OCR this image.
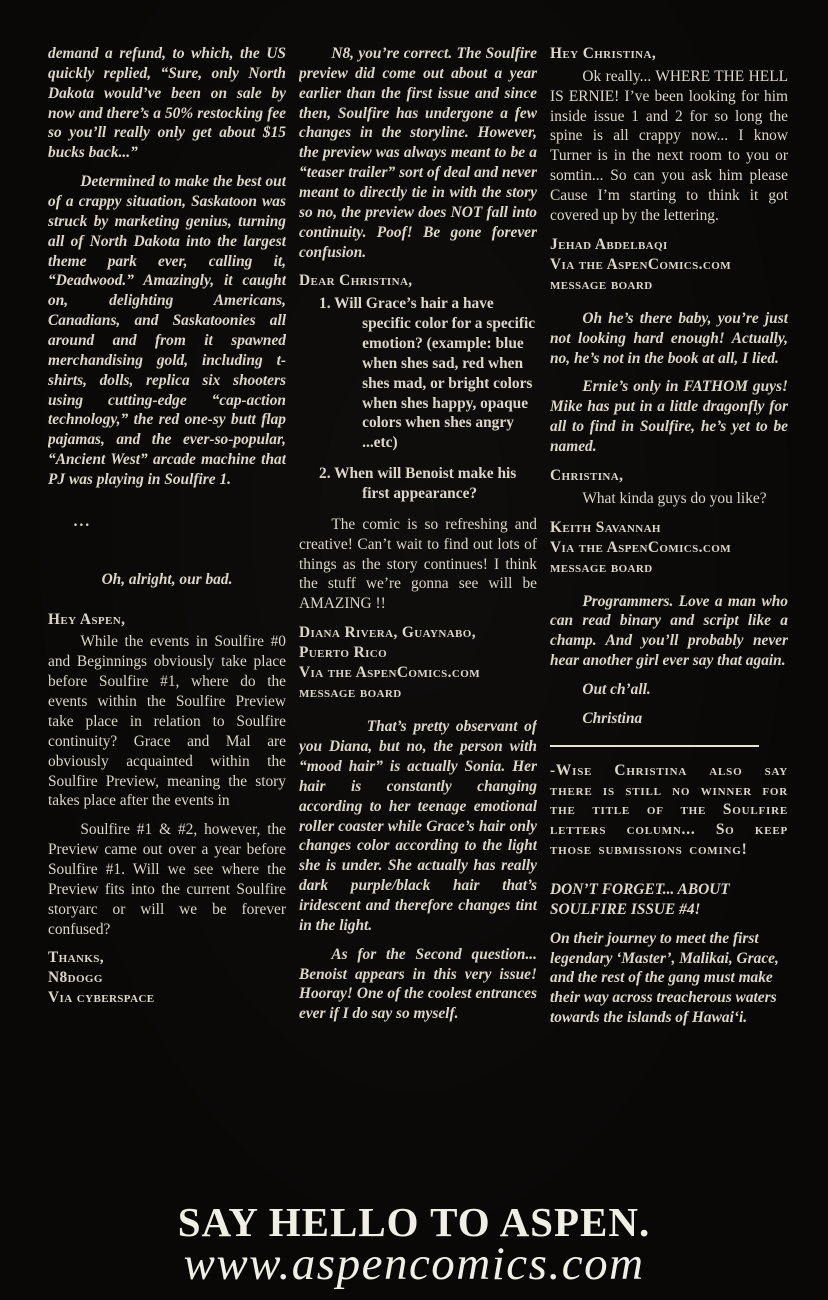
demand a refund, to which, the US quickly replied, “Sure, only North Dakota would’ve been on sale by now and there’s a 50% restocking fee so you’ll really only get about $15 bucks back...”

Determined to make the best out of a crappy situation, Saskatoon was struck by marketing genius, turning all of North Dakota into the largest theme park ever, calling it, “Deadwood.” Amazingly, it caught on, delighting Americans, Canadians, and Saskatoonies all around and from it spawned merchandising gold, including t-shirts, dolls, replica six shooters using cutting-edge “cap-action technology,” the red one-sy butt flap pajamas, and the ever-so-popular, “Ancient West” arcade machine that PJ was playing in Soulfire 1.

...

Oh, alright, our bad.

Hey Aspen,

While the events in Soulfire #0 and Beginnings obviously take place before Soulfire #1, where do the events within the Soulfire Preview take place in relation to Soulfire continuity? Grace and Mal are obviously acquainted within the Soulfire Preview, meaning the story takes place after the events in

Soulfire #1 & #2, however, the Preview came out over a year before Soulfire #1. Will we see where the Preview fits into the current Soulfire storyarc or will we be forever confused?

Thanks,
N8dogg
Via cyberspace

N8, you’re correct. The Soulfire preview did come out about a year earlier than the first issue and since then, Soulfire has undergone a few changes in the storyline. However, the preview was always meant to be a “teaser trailer” sort of deal and never meant to directly tie in with the story so no, the preview does NOT fall into continuity. Poof! Be gone forever confusion.

Dear Christina,

1. Will Grace’s hair a have specific color for a specific emotion? (example: blue when shes sad, red when shes mad, or bright colors when shes happy, opaque colors when shes angry ...etc)

2. When will Benoist make his first appearance?

The comic is so refreshing and creative! Can’t wait to find out lots of things as the story continues! I think the stuff we’re gonna see will be AMAZING !!

Diana Rivera, Guaynabo,
Puerto Rico
Via the AspenComics.com
message board

That’s pretty observant of you Diana, but no, the person with “mood hair” is actually Sonia. Her hair is constantly changing according to her teenage emotional roller coaster while Grace’s hair only changes color according to the light she is under. She actually has really dark purple/black hair that’s iridescent and therefore changes tint in the light.

As for the Second question... Benoist appears in this very issue! Hooray! One of the coolest entrances ever if I do say so myself.

Hey Christina,

Ok really... WHERE THE HELL IS ERNIE! I’ve been looking for him inside issue 1 and 2 for so long the spine is all crappy now... I know Turner is in the next room to you or somtin... So can you ask him please Cause I’m starting to think it got covered up by the lettering.

Jehad Abdelbaqi
Via the AspenComics.com
message board

Oh he’s there baby, you’re just not looking hard enough! Actually, no, he’s not in the book at all, I lied.

Ernie’s only in FATHOM guys! Mike has put in a little dragonfly for all to find in Soulfire, he’s yet to be named.

Christina,

What kinda guys do you like?

Keith Savannah
Via the AspenComics.com
message board

Programmers. Love a man who can read binary and script like a champ. And you’ll probably never hear another girl ever say that again.

Out ch’all.

Christina

-Wise Christina also say there is still no winner for the title of the Soulfire letters column... So keep those submissions coming!

DON’T FORGET... ABOUT SOULFIRE ISSUE #4!

On their journey to meet the first legendary ‘Master’, Malikai, Grace, and the rest of the gang must make their way across treacherous waters towards the islands of Hawai‘i.

SAY HELLO TO ASPEN.
www.aspencomics.com
